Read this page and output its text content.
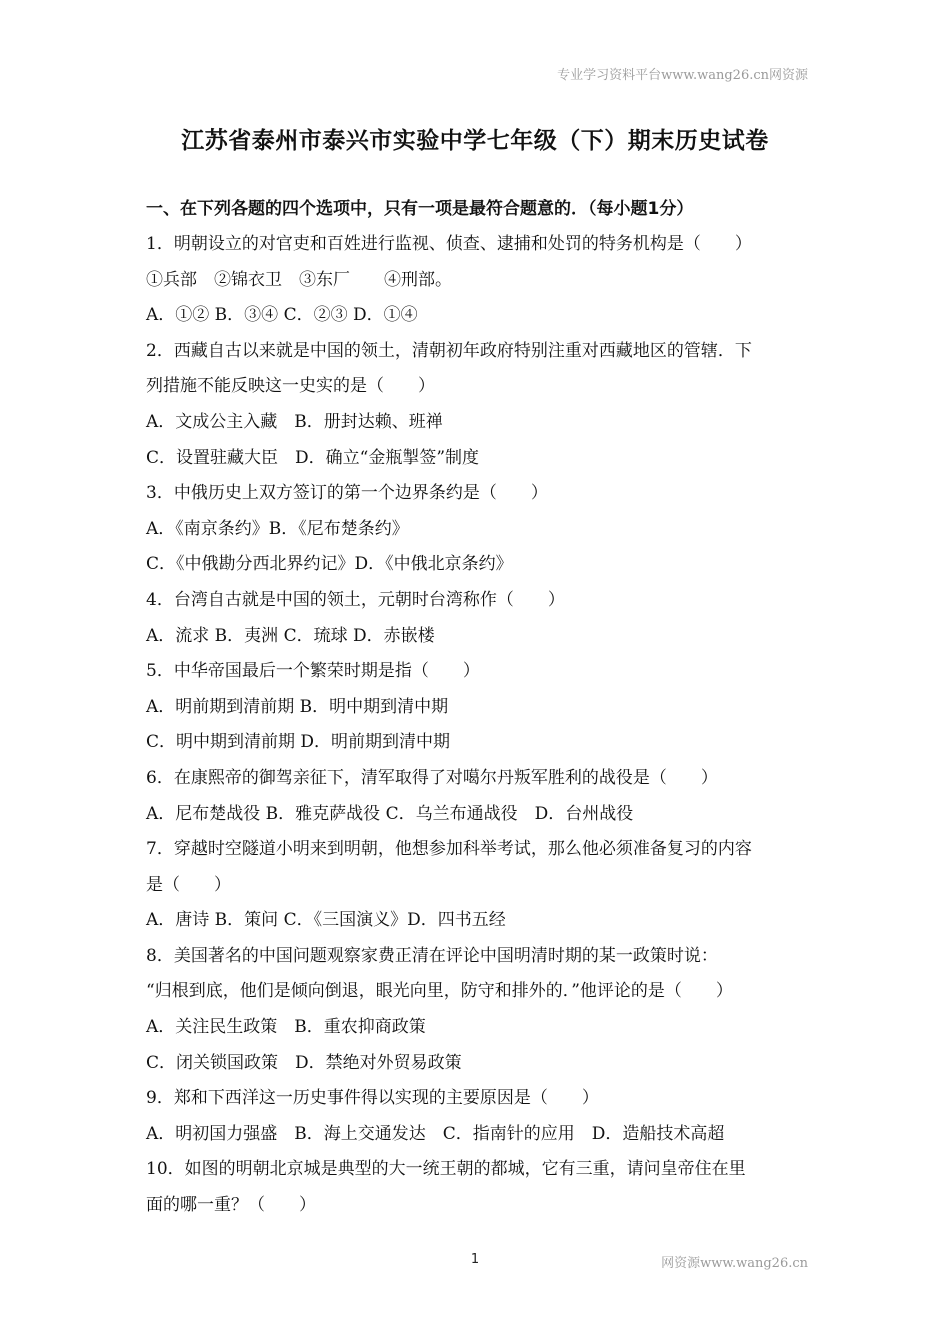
专业学习资料平台www.wang26.cn网资源
江苏省泰州市泰兴市实验中学七年级（下）期末历史试卷
一、在下列各题的四个选项中，只有一项是最符合题意的．（每小题1分）
1．明朝设立的对官吏和百姓进行监视、侦查、逮捕和处罚的特务机构是（　　）
①兵部　②锦衣卫　③东厂　　④刑部。
A．①② B．③④ C．②③ D．①④
2．西藏自古以来就是中国的领土，清朝初年政府特别注重对西藏地区的管辖．下
列措施不能反映这一史实的是（　　）
A．文成公主入藏　B．册封达赖、班禅
C．设置驻藏大臣　D．确立“金瓶掣签”制度
3．中俄历史上双方签订的第一个边界条约是（　　）
A．《南京条约》B．《尼布楚条约》
C．《中俄勘分西北界约记》D．《中俄北京条约》
4．台湾自古就是中国的领土，元朝时台湾称作（　　）
A．流求 B．夷洲 C．琉球 D．赤嵌楼
5．中华帝国最后一个繁荣时期是指（　　）
A．明前期到清前期 B．明中期到清中期
C．明中期到清前期 D．明前期到清中期
6．在康熙帝的御驾亲征下，清军取得了对噶尔丹叛军胜利的战役是（　　）
A．尼布楚战役 B．雅克萨战役 C．乌兰布通战役　D．台州战役
7．穿越时空隧道小明来到明朝，他想参加科举考试，那么他必须准备复习的内容
是（　　）
A．唐诗 B．策问 C．《三国演义》D．四书五经
8．美国著名的中国问题观察家费正清在评论中国明清时期的某一政策时说：
“归根到底，他们是倾向倒退，眼光向里，防守和排外的．”他评论的是（　　）
A．关注民生政策　B．重农抑商政策
C．闭关锁国政策　D．禁绝对外贸易政策
9．郑和下西洋这一历史事件得以实现的主要原因是（　　）
A．明初国力强盛　B．海上交通发达　C．指南针的应用　D．造船技术高超
10．如图的明朝北京城是典型的大一统王朝的都城，它有三重，请问皇帝住在里
面的哪一重？（　　）
1	网资源www.wang26.cn
